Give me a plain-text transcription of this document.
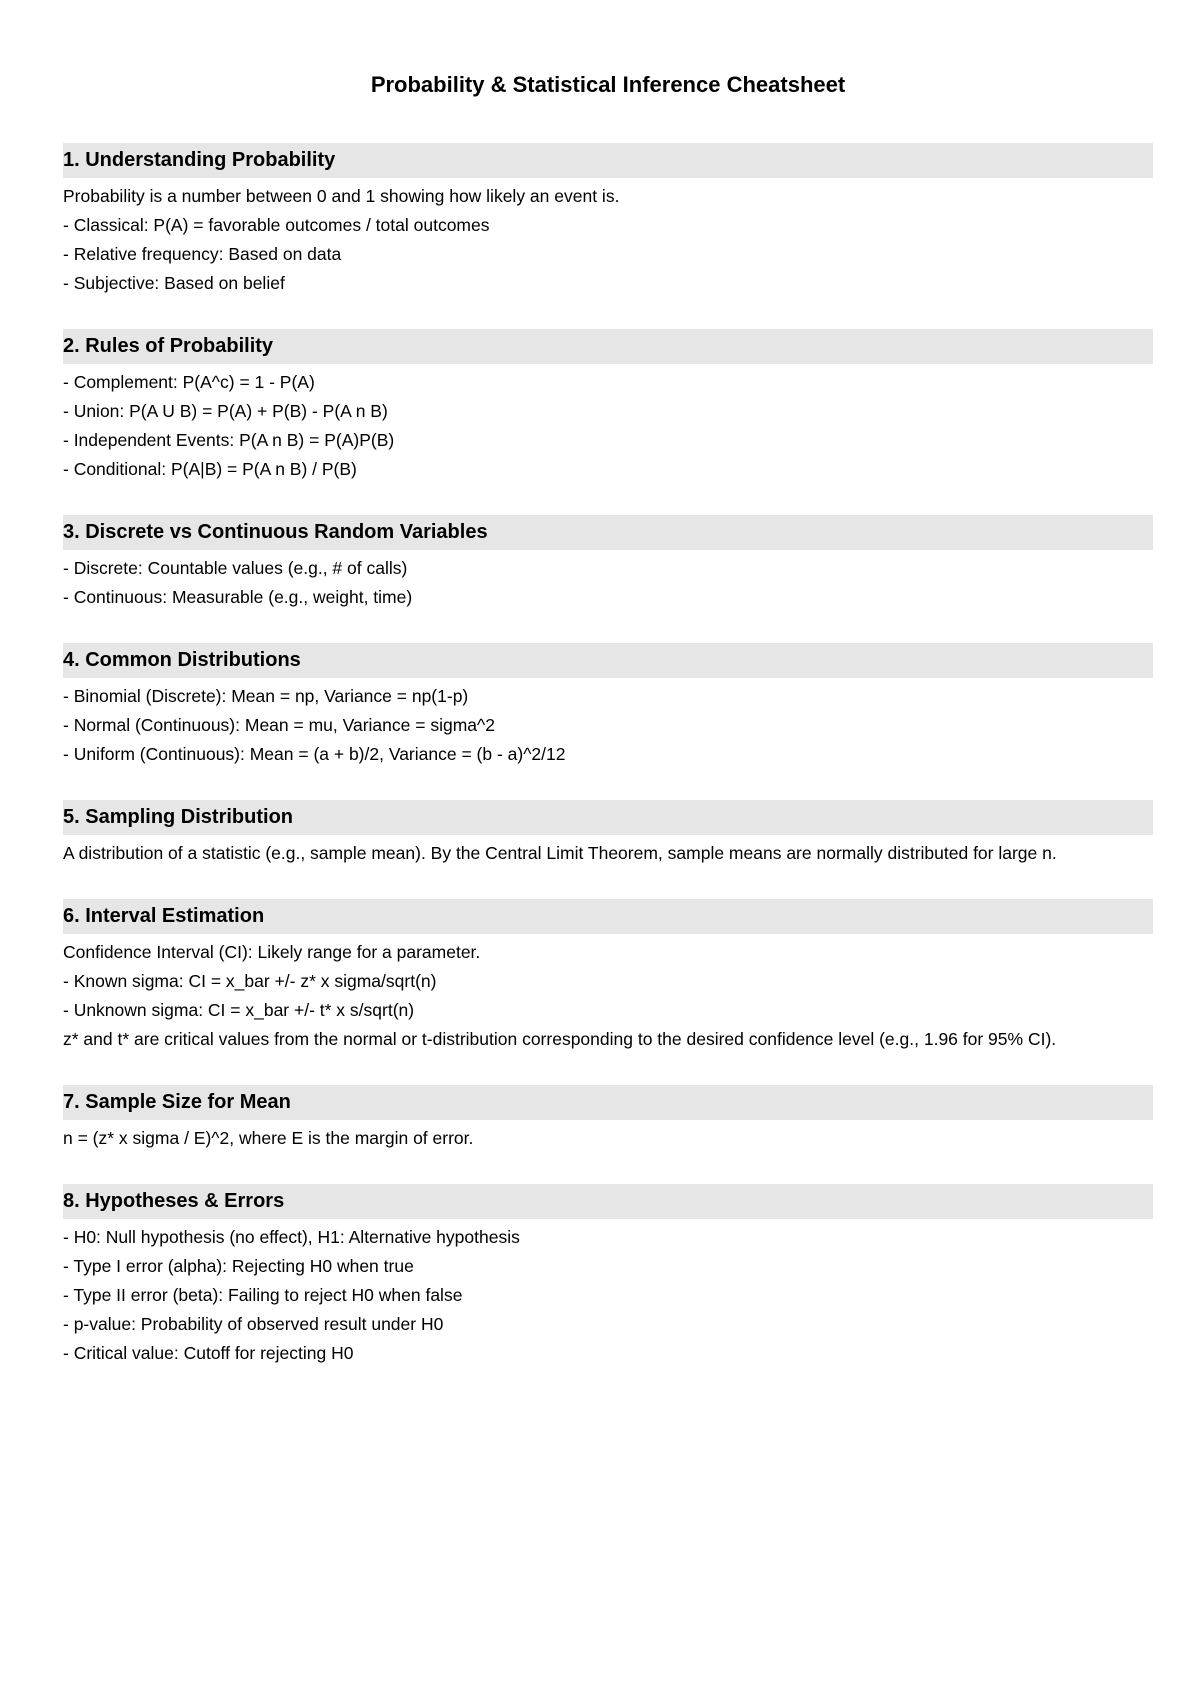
Probability & Statistical Inference Cheatsheet
1. Understanding Probability
Probability is a number between 0 and 1 showing how likely an event is.
- Classical: P(A) = favorable outcomes / total outcomes
- Relative frequency: Based on data
- Subjective: Based on belief
2. Rules of Probability
- Complement: P(A^c) = 1 - P(A)
- Union: P(A U B) = P(A) + P(B) - P(A n B)
- Independent Events: P(A n B) = P(A)P(B)
- Conditional: P(A|B) = P(A n B) / P(B)
3. Discrete vs Continuous Random Variables
- Discrete: Countable values (e.g., # of calls)
- Continuous: Measurable (e.g., weight, time)
4. Common Distributions
- Binomial (Discrete): Mean = np, Variance = np(1-p)
- Normal (Continuous): Mean = mu, Variance = sigma^2
- Uniform (Continuous): Mean = (a + b)/2, Variance = (b - a)^2/12
5. Sampling Distribution
A distribution of a statistic (e.g., sample mean). By the Central Limit Theorem, sample means are normally distributed for large n.
6. Interval Estimation
Confidence Interval (CI): Likely range for a parameter.
- Known sigma: CI = x_bar +/- z* x sigma/sqrt(n)
- Unknown sigma: CI = x_bar +/- t* x s/sqrt(n)
z* and t* are critical values from the normal or t-distribution corresponding to the desired confidence level (e.g., 1.96 for 95% CI).
7. Sample Size for Mean
n = (z* x sigma / E)^2, where E is the margin of error.
8. Hypotheses & Errors
- H0: Null hypothesis (no effect), H1: Alternative hypothesis
- Type I error (alpha): Rejecting H0 when true
- Type II error (beta): Failing to reject H0 when false
- p-value: Probability of observed result under H0
- Critical value: Cutoff for rejecting H0
